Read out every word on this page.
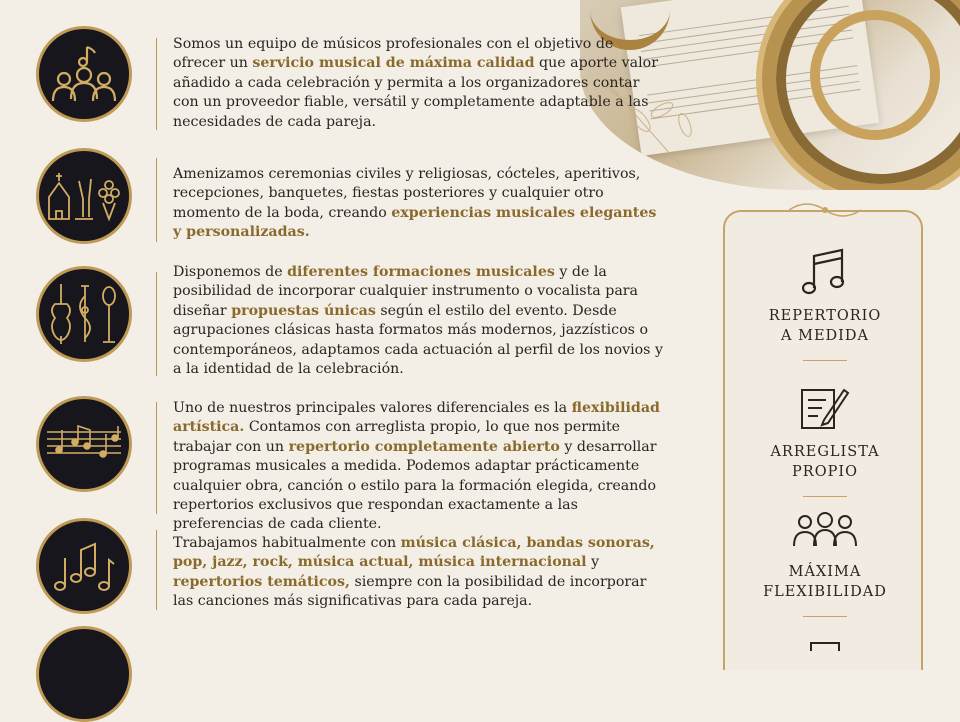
Somos un equipo de músicos profesionales con el objetivo de ofrecer un servicio musical de máxima calidad que aporte valor añadido a cada celebración y permita a los organizadores contar con un proveedor fiable, versátil y completamente adaptable a las necesidades de cada pareja.
Amenizamos ceremonias civiles y religiosas, cócteles, aperitivos, recepciones, banquetes, fiestas posteriores y cualquier otro momento de la boda, creando experiencias musicales elegantes y personalizadas.
Disponemos de diferentes formaciones musicales y de la posibilidad de incorporar cualquier instrumento o vocalista para diseñar propuestas únicas según el estilo del evento. Desde agrupaciones clásicas hasta formatos más modernos, jazzísticos o contemporáneos, adaptamos cada actuación al perfil de los novios y a la identidad de la celebración.
Uno de nuestros principales valores diferenciales es la flexibilidad artística. Contamos con arreglista propio, lo que nos permite trabajar con un repertorio completamente abierto y desarrollar programas musicales a medida. Podemos adaptar prácticamente cualquier obra, canción o estilo para la formación elegida, creando repertorios exclusivos que respondan exactamente a las preferencias de cada cliente.
Trabajamos habitualmente con música clásica, bandas sonoras, pop, jazz, rock, música actual, música internacional y repertorios temáticos, siempre con la posibilidad de incorporar las canciones más significativas para cada pareja.
REPERTORIO
A MEDIDA
ARREGLISTA
PROPIO
MÁXIMA
FLEXIBILIDAD
